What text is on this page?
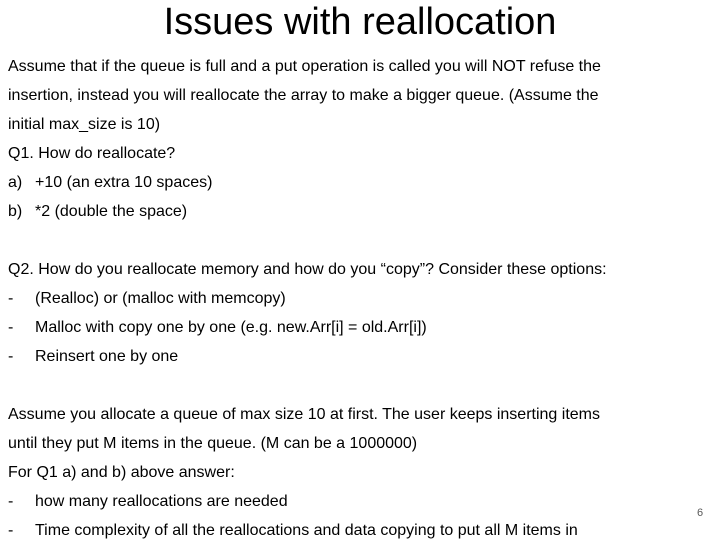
Issues with reallocation
Assume that if the queue is full and a put operation is called you will NOT refuse the
insertion, instead you will reallocate the array to make a bigger queue. (Assume the
initial max_size is 10)
Q1. How do reallocate?
a) +10 (an extra 10 spaces)
b) *2 (double the space)
Q2. How do you reallocate memory and how do you “copy”? Consider these options:
-	(Realloc) or (malloc with memcopy)
-	Malloc with copy one by one (e.g. new.Arr[i] = old.Arr[i])
-	Reinsert one by one
Assume you allocate a queue of max size 10 at first. The user keeps inserting items
until they put M items in the queue. (M can be a 1000000)
For Q1 a) and b) above answer:
-	how many reallocations are needed
-	Time complexity of all the reallocations and data copying to put all M items in
6
